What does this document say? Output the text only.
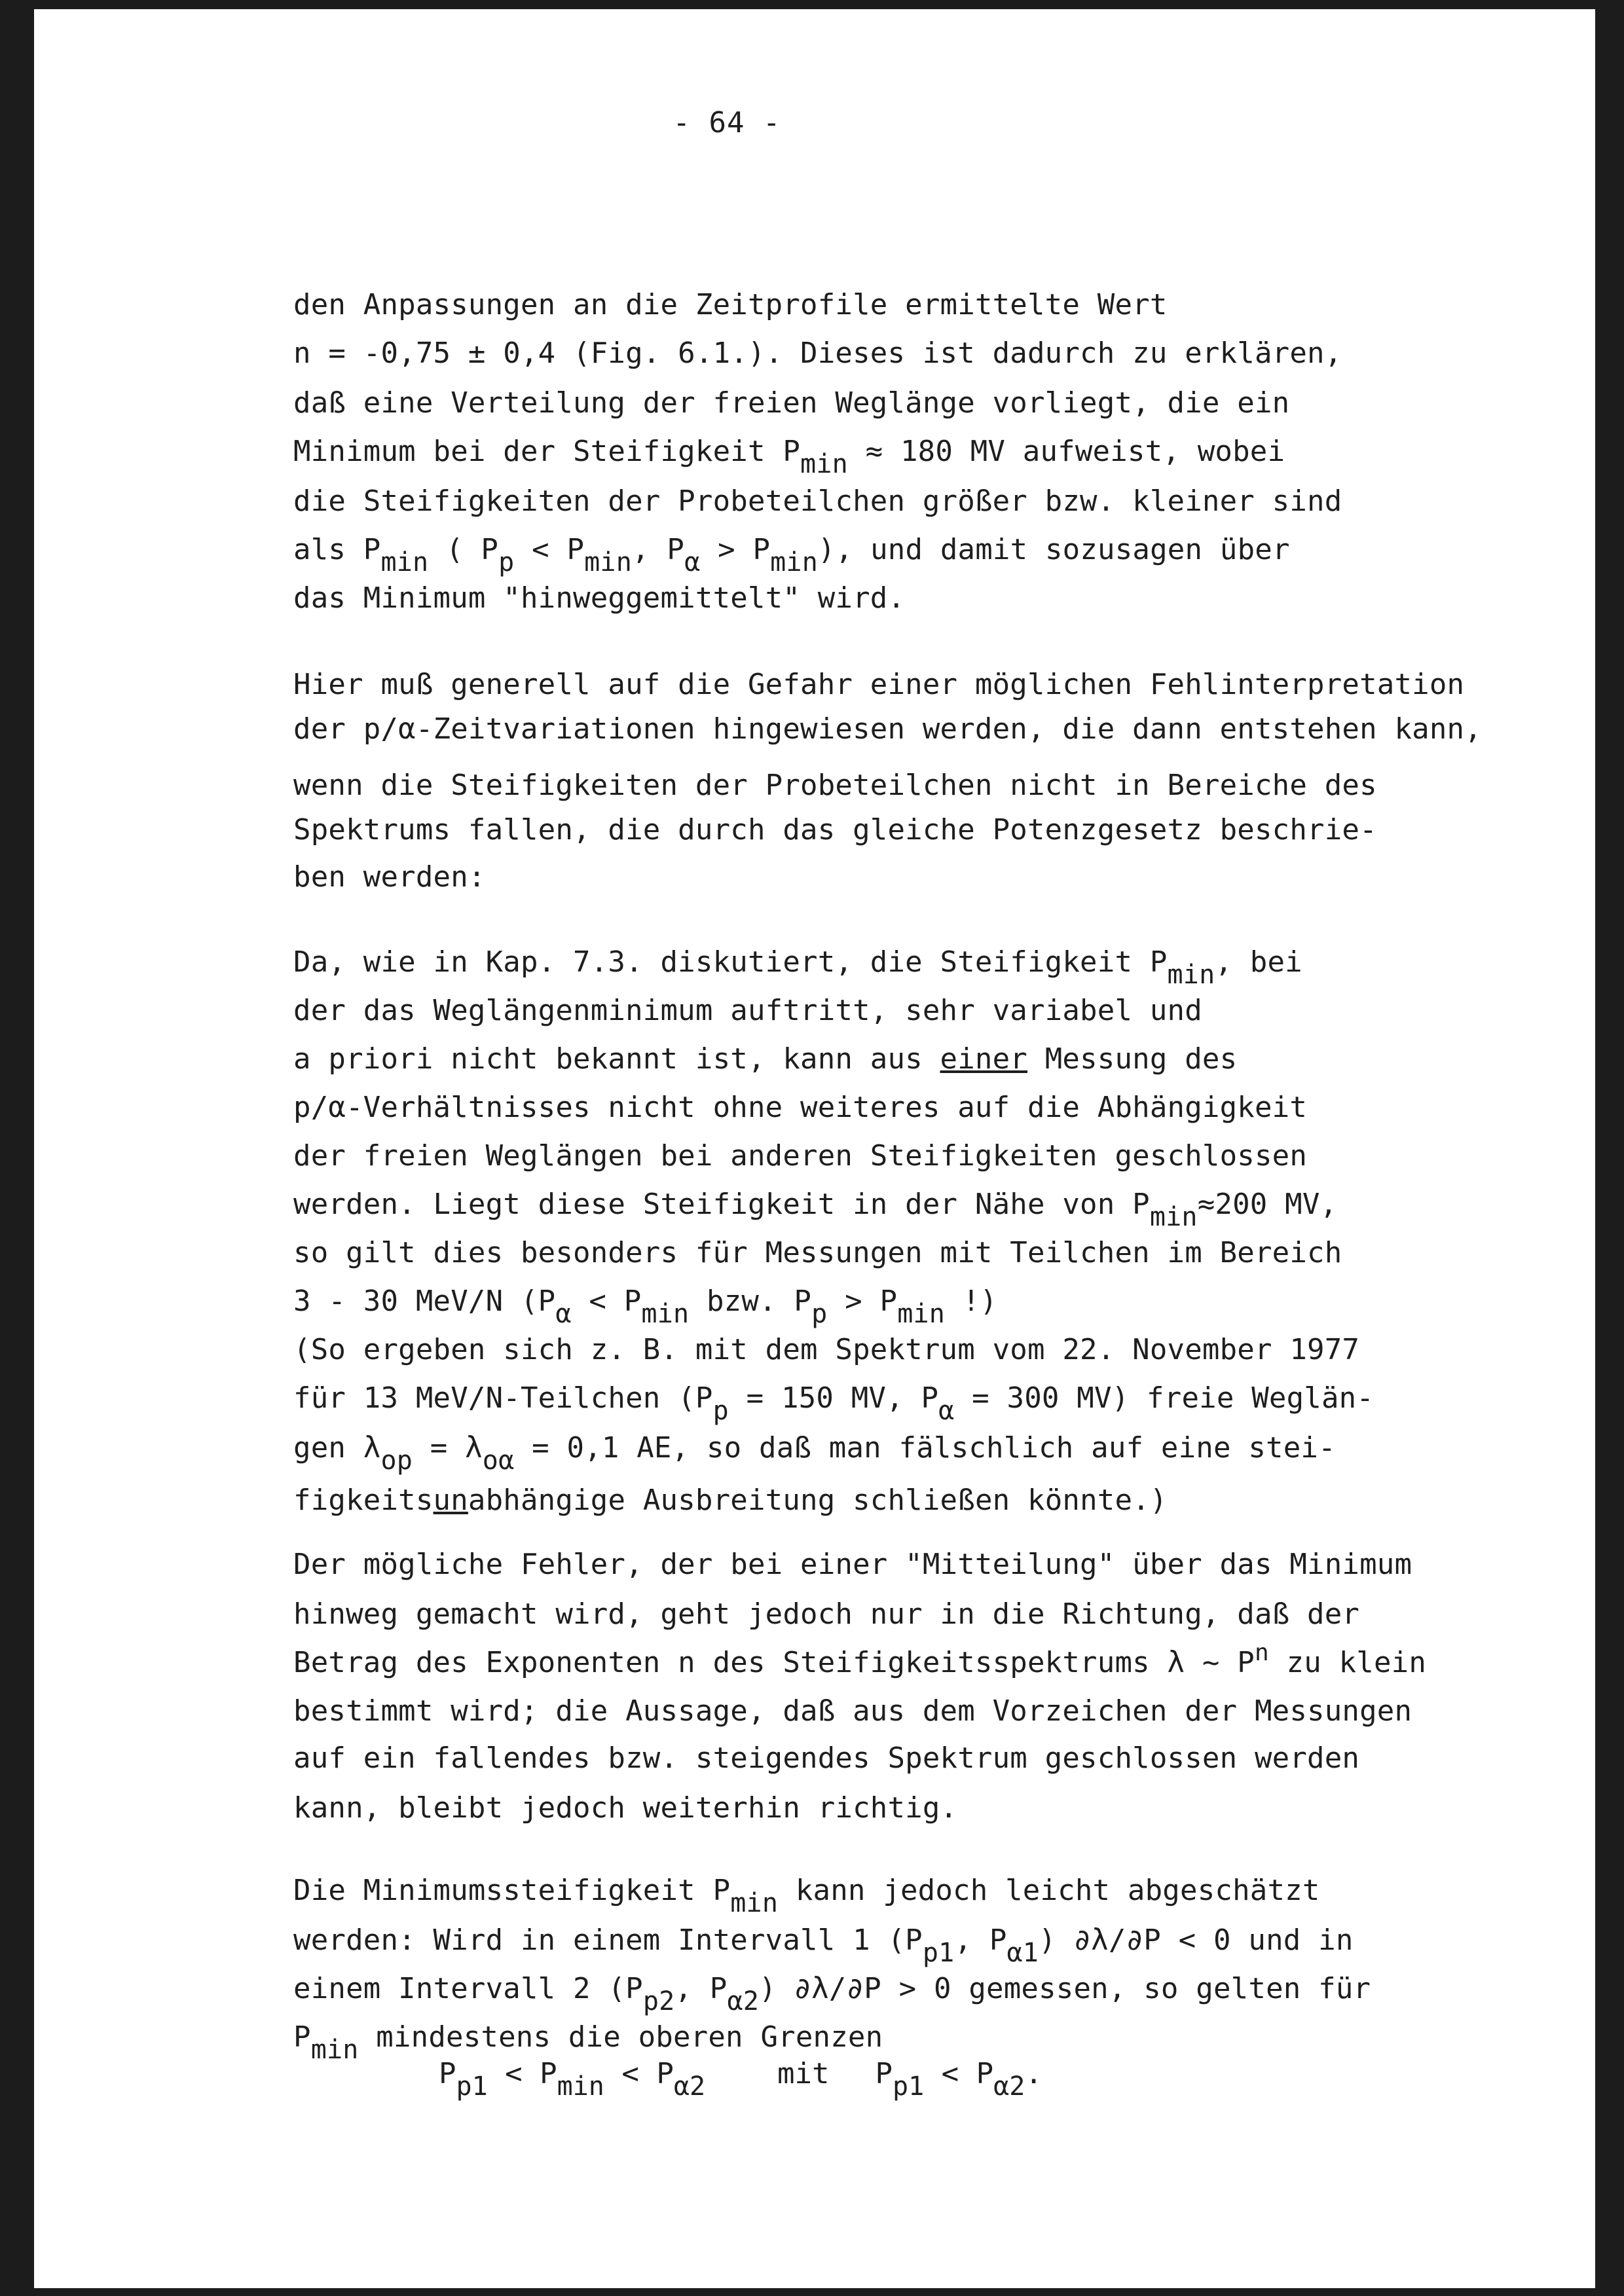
- 64 -
den Anpassungen an die Zeitprofile ermittelte Wert
n = -0,75 ± 0,4 (Fig. 6.1.). Dieses ist dadurch zu erklären,
daß eine Verteilung der freien Weglänge vorliegt, die ein
Minimum bei der Steifigkeit Pmin ≈ 180 MV aufweist, wobei
die Steifigkeiten der Probeteilchen größer bzw. kleiner sind
als Pmin ( Pp < Pmin, Pα > Pmin), und damit sozusagen über
das Minimum "hinweggemittelt" wird.
Hier muß generell auf die Gefahr einer möglichen Fehlinterpretation
der p/α-Zeitvariationen hingewiesen werden, die dann entstehen kann,
wenn die Steifigkeiten der Probeteilchen nicht in Bereiche des
Spektrums fallen, die durch das gleiche Potenzgesetz beschrie-
ben werden:
Da, wie in Kap. 7.3. diskutiert, die Steifigkeit Pmin, bei
der das Weglängenminimum auftritt, sehr variabel und
a priori nicht bekannt ist, kann aus einer Messung des
p/α-Verhältnisses nicht ohne weiteres auf die Abhängigkeit
der freien Weglängen bei anderen Steifigkeiten geschlossen
werden. Liegt diese Steifigkeit in der Nähe von Pmin≈200 MV,
so gilt dies besonders für Messungen mit Teilchen im Bereich
3 - 30 MeV/N (Pα < Pmin bzw. Pp > Pmin !)
(So ergeben sich z. B. mit dem Spektrum vom 22. November 1977
für 13 MeV/N-Teilchen (Pp = 150 MV, Pα = 300 MV) freie Weglän-
gen λop = λoα = 0,1 AE, so daß man fälschlich auf eine stei-
figkeitsunabhängige Ausbreitung schließen könnte.)
Der mögliche Fehler, der bei einer "Mitteilung" über das Minimum
hinweg gemacht wird, geht jedoch nur in die Richtung, daß der
Betrag des Exponenten n des Steifigkeitsspektrums λ ~ $P^n$ zu klein
bestimmt wird; die Aussage, daß aus dem Vorzeichen der Messungen
auf ein fallendes bzw. steigendes Spektrum geschlossen werden
kann, bleibt jedoch weiterhin richtig.
Die Minimumssteifigkeit Pmin kann jedoch leicht abgeschätzt
werden: Wird in einem Intervall 1 (Pp1, Pα1) ∂λ/∂P < 0 und in
einem Intervall 2 (Pp2, Pα2) ∂λ/∂P > 0 gemessen, so gelten für
Pmin mindestens die oberen Grenzen
Pp1 < Pmin < Pα2	mit Pp1 < Pα2.
